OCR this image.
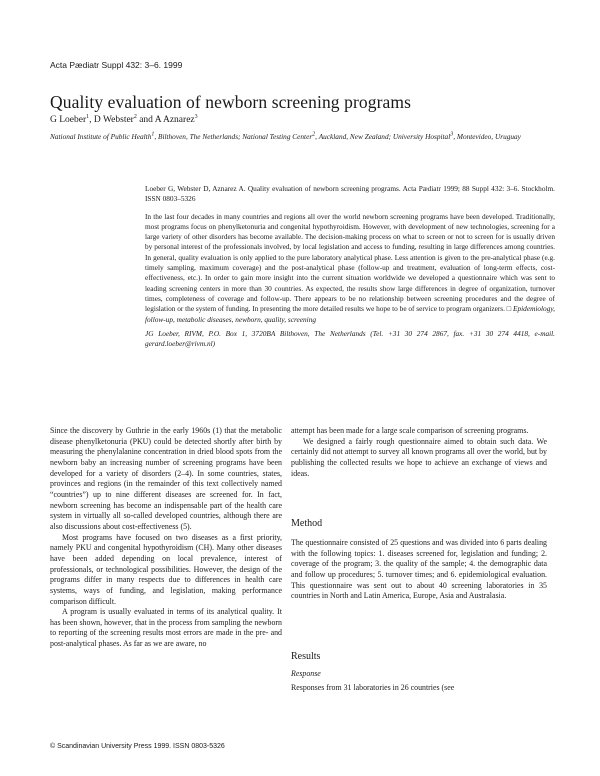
Acta Pædiatr Suppl 432: 3–6. 1999
Quality evaluation of newborn screening programs
G Loeber$^1$, D Webster$^2$ and A Aznarez$^3$
National Institute of Public Health$^1$, Bilthoven, The Netherlands; National Testing Center$^2$, Auckland, New Zealand; University Hospital$^3$, Montevideo, Uruguay

Loeber G, Webster D, Aznarez A. Quality evaluation of newborn screening programs. Acta Pædiatr 1999; 88 Suppl 432: 3–6. Stockholm. ISSN 0803–5326

In the last four decades in many countries and regions all over the world newborn screening programs have been developed. Traditionally, most programs focus on phenylketonuria and congenital hypothyroidism. However, with development of new technologies, screening for a large variety of other disorders has become available. The decision-making process on what to screen or not to screen for is usually driven by personal interest of the professionals involved, by local legislation and access to funding, resulting in large differences among countries. In general, quality evaluation is only applied to the pure laboratory analytical phase. Less attention is given to the pre-analytical phase (e.g. timely sampling, maximum coverage) and the post-analytical phase (follow-up and treatment, evaluation of long-term effects, cost-effectiveness, etc.). In order to gain more insight into the current situation worldwide we developed a questionnaire which was sent to leading screening centers in more than 30 countries. As expected, the results show large differences in degree of organization, turnover times, completeness of coverage and follow-up. There appears to be no relationship between screening procedures and the degree of legislation or the system of funding. In presenting the more detailed results we hope to be of service to program organizers. □ Epidemiology, follow-up, metabolic diseases, newborn, quality, screening

JG Loeber, RIVM, P.O. Box 1, 3720BA Bilthoven, The Netherlands (Tel. +31 30 274 2867, fax. +31 30 274 4418, e-mail. gerard.loeber@rivm.nl)

Since the discovery by Guthrie in the early 1960s (1) that the metabolic disease phenylketonuria (PKU) could be detected shortly after birth by measuring the phenylalanine concentration in dried blood spots from the newborn baby an increasing number of screening programs have been developed for a variety of disorders (2–4). In some countries, states, provinces and regions (in the remainder of this text collectively named “countries”) up to nine different diseases are screened for. In fact, newborn screening has become an indispensable part of the health care system in virtually all so-called developed countries, although there are also discussions about cost-effectiveness (5).

Most programs have focused on two diseases as a first priority, namely PKU and congenital hypothyroidism (CH). Many other diseases have been added depending on local prevalence, interest of professionals, or technological possibilities. However, the design of the programs differ in many respects due to differences in health care systems, ways of funding, and legislation, making performance comparison difficult.

A program is usually evaluated in terms of its analytical quality. It has been shown, however, that in the process from sampling the newborn to reporting of the screening results most errors are made in the pre- and post-analytical phases. As far as we are aware, no

attempt has been made for a large scale comparison of screening programs.

We designed a fairly rough questionnaire aimed to obtain such data. We certainly did not attempt to survey all known programs all over the world, but by publishing the collected results we hope to achieve an exchange of views and ideas.

Method

The questionnaire consisted of 25 questions and was divided into 6 parts dealing with the following topics: 1. diseases screened for, legislation and funding; 2. coverage of the program; 3. the quality of the sample; 4. the demographic data and follow up procedures; 5. turnover times; and 6. epidemiological evaluation. This questionnaire was sent out to about 40 screening laboratories in 35 countries in North and Latin America, Europe, Asia and Australasia.

Results

Response

Responses from 31 laboratories in 26 countries (see

© Scandinavian University Press 1999. ISSN 0803-5326
